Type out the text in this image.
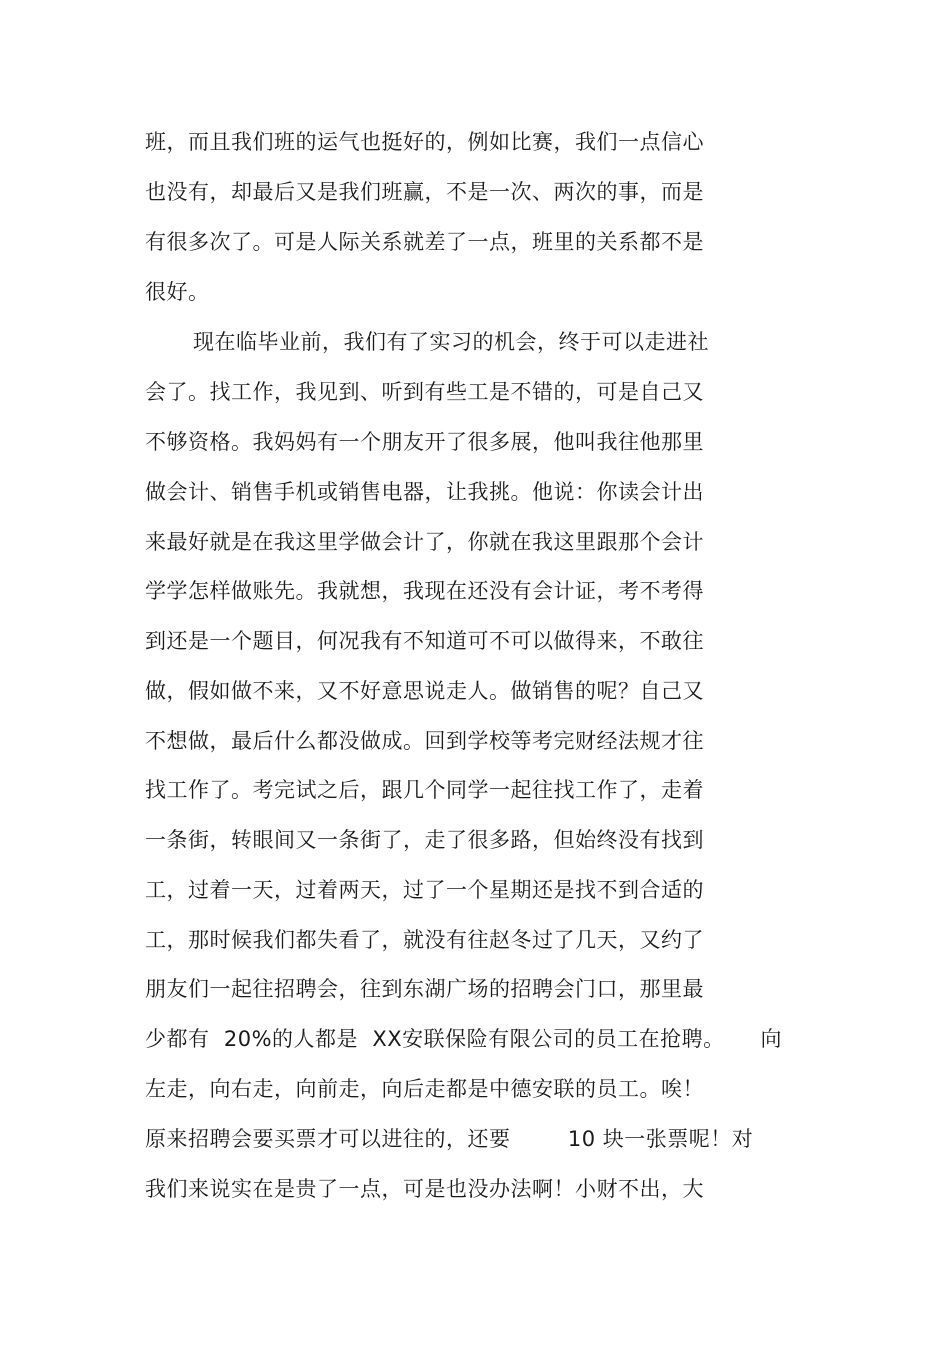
班，而且我们班的运气也挺好的，例如比赛，我们一点信心
也没有，却最后又是我们班赢，不是一次、两次的事，而是
有很多次了。可是人际关系就差了一点，班里的关系都不是
很好。
现在临毕业前，我们有了实习的机会，终于可以走进社
会了。找工作，我见到、听到有些工是不错的，可是自己又
不够资格。我妈妈有一个朋友开了很多展，他叫我往他那里
做会计、销售手机或销售电器，让我挑。他说：你读会计出
来最好就是在我这里学做会计了，你就在我这里跟那个会计
学学怎样做账先。我就想，我现在还没有会计证，考不考得
到还是一个题目，何况我有不知道可不可以做得来，不敢往
做，假如做不来，又不好意思说走人。做销售的呢？自己又
不想做，最后什么都没做成。回到学校等考完财经法规才往
找工作了。考完试之后，跟几个同学一起往找工作了，走着
一条街，转眼间又一条街了，走了很多路，但始终没有找到
工，过着一天，过着两天，过了一个星期还是找不到合适的
工，那时候我们都失看了，就没有往赵冬过了几天，又约了
朋友们一起往招聘会，往到东湖广场的招聘会门口，那里最
少都有  20%的人都是  XX安联保险有限公司的员工在抢聘。     向
左走，向右走，向前走，向后走都是中德安联的员工。唉！
原来招聘会要买票才可以进往的，还要        10 块一张票呢！对
我们来说实在是贵了一点，可是也没办法啊！小财不出，大
